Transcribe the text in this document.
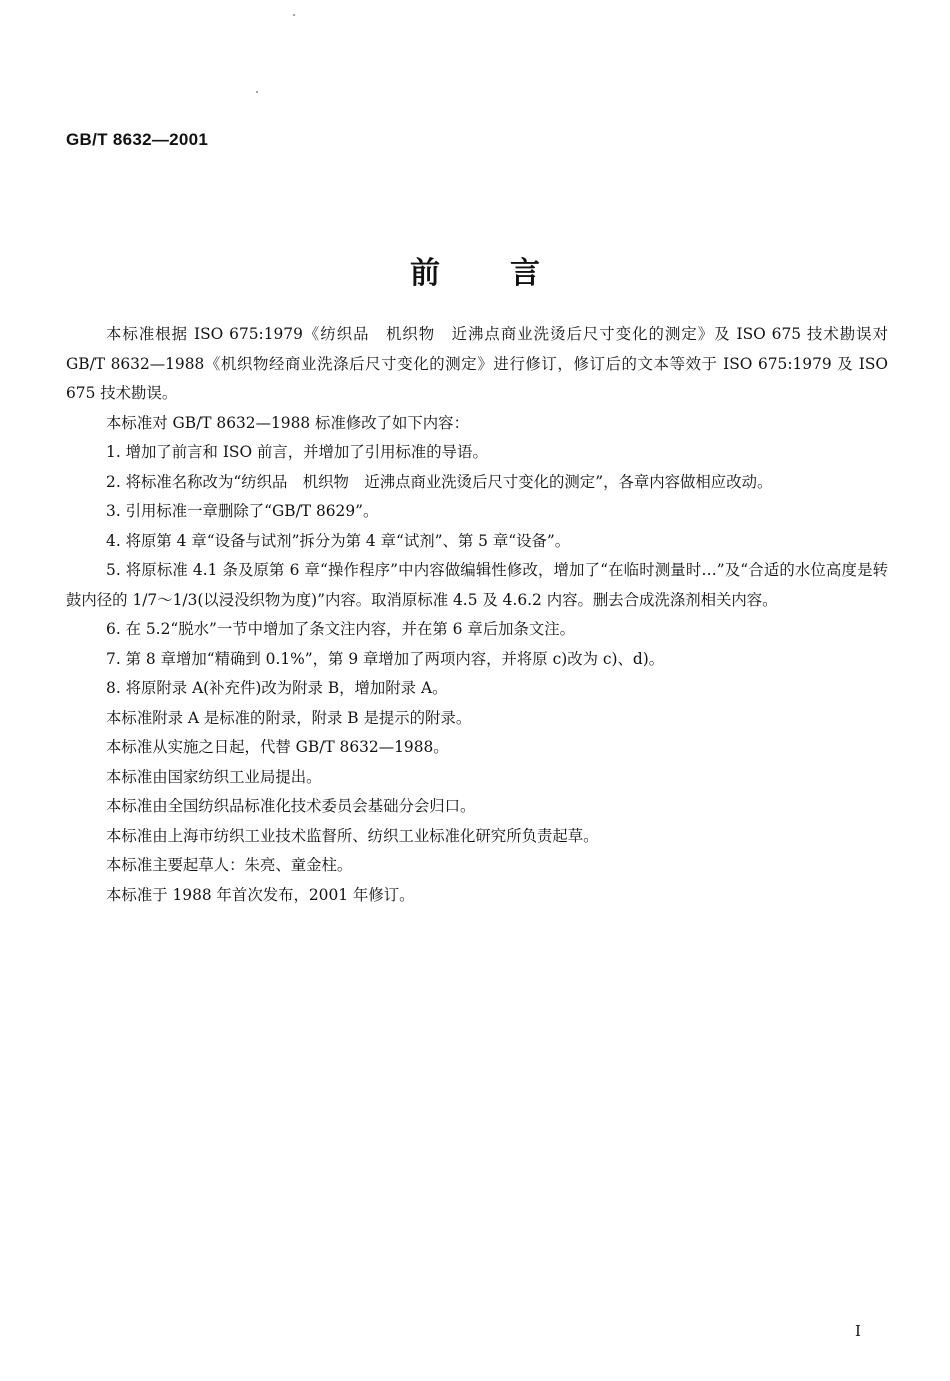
GB/T 8632—2001
前言

本标准根据 ISO 675:1979《纺织品　机织物　近沸点商业洗烫后尺寸变化的测定》及 ISO 675 技术勘误对 GB/T 8632—1988《机织物经商业洗涤后尺寸变化的测定》进行修订，修订后的文本等效于 ISO 675:1979 及 ISO 675 技术勘误。

本标准对 GB/T 8632—1988 标准修改了如下内容：

1. 增加了前言和 ISO 前言，并增加了引用标准的导语。

2. 将标准名称改为“纺织品　机织物　近沸点商业洗烫后尺寸变化的测定”，各章内容做相应改动。

3. 引用标准一章删除了“GB/T 8629”。

4. 将原第 4 章“设备与试剂”拆分为第 4 章“试剂”、第 5 章“设备”。

5. 将原标准 4.1 条及原第 6 章“操作程序”中内容做编辑性修改，增加了“在临时测量时…”及“合适的水位高度是转鼓内径的 1/7～1/3(以浸没织物为度)”内容。取消原标准 4.5 及 4.6.2 内容。删去合成洗涤剂相关内容。

6. 在 5.2“脱水”一节中增加了条文注内容，并在第 6 章后加条文注。

7. 第 8 章增加“精确到 0.1%”，第 9 章增加了两项内容，并将原 c)改为 c)、d)。

8. 将原附录 A(补充件)改为附录 B，增加附录 A。

本标准附录 A 是标准的附录，附录 B 是提示的附录。

本标准从实施之日起，代替 GB/T 8632—1988。

本标准由国家纺织工业局提出。

本标准由全国纺织品标准化技术委员会基础分会归口。

本标准由上海市纺织工业技术监督所、纺织工业标准化研究所负责起草。

本标准主要起草人：朱亮、童金柱。

本标准于 1988 年首次发布，2001 年修订。

I
